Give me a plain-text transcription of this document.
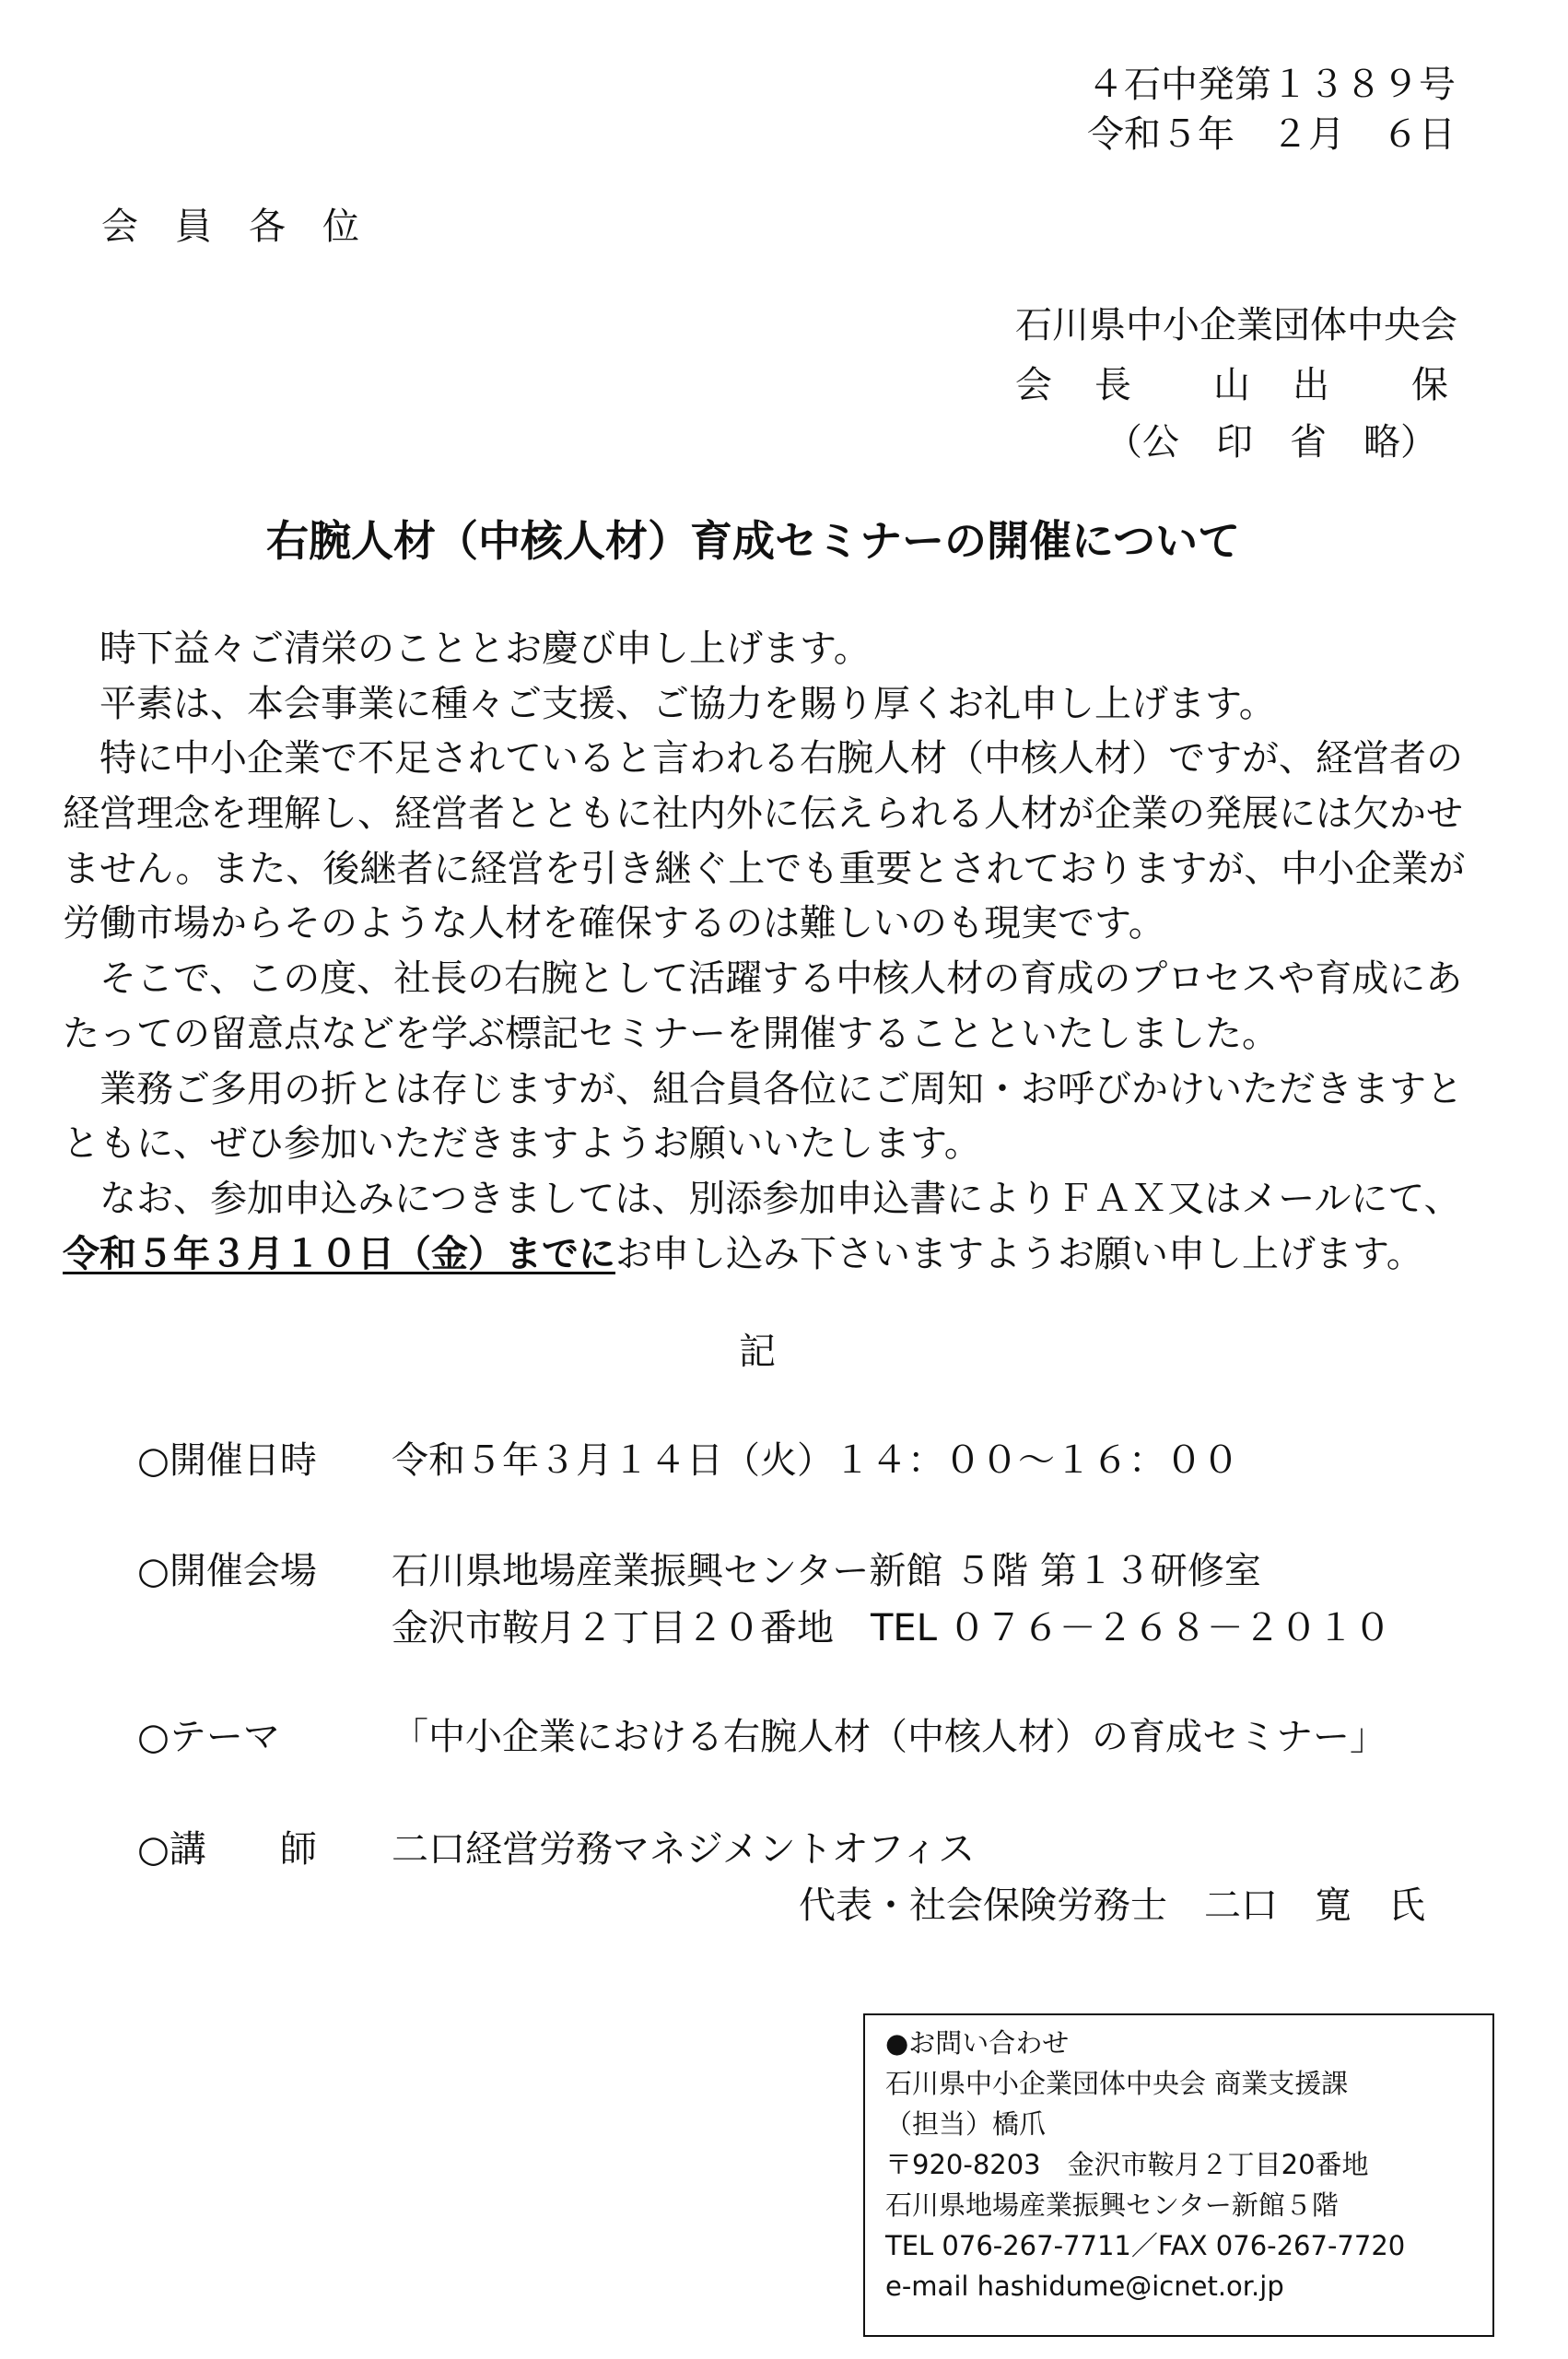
４石中発第１３８９号
令和５年　２月　６日
会　員　各　位
石川県中小企業団体中央会
会　長　　山　出　　保
（公　印　省　略）
右腕人材（中核人材）育成セミナーの開催について
時下益々ご清栄のこととお慶び申し上げます。
平素は、本会事業に種々ご支援、ご協力を賜り厚くお礼申し上げます。
特に中小企業で不足されていると言われる右腕人材（中核人材）ですが、経営者の
経営理念を理解し、経営者とともに社内外に伝えられる人材が企業の発展には欠かせ
ません。また、後継者に経営を引き継ぐ上でも重要とされておりますが、中小企業が
労働市場からそのような人材を確保するのは難しいのも現実です。
そこで、この度、社長の右腕として活躍する中核人材の育成のプロセスや育成にあ
たっての留意点などを学ぶ標記セミナーを開催することといたしました。
業務ご多用の折とは存じますが、組合員各位にご周知・お呼びかけいただきますと
ともに、ぜひ参加いただきますようお願いいたします。
なお、参加申込みにつきましては、別添参加申込書によりＦＡＸ又はメールにて、
令和５年３月１０日（金）までにお申し込み下さいますようお願い申し上げます。
記
○開催日時 令和５年３月１４日（火）１４：００～１６：００
○開催会場 石川県地場産業振興センター新館 ５階 第１３研修室
金沢市鞍月２丁目２０番地　TEL ０７６－２６８－２０１０
○テーマ	「中小企業における右腕人材（中核人材）の育成セミナー」
○講　　師 二口経営労務マネジメントオフィス
代表・社会保険労務士　二口　寛　氏
●お問い合わせ
石川県中小企業団体中央会 商業支援課
（担当）橋爪
〒920-8203　金沢市鞍月２丁目20番地
石川県地場産業振興センター新館５階
TEL 076-267-7711／FAX 076-267-7720
e-mail hashidume@icnet.or.jp
